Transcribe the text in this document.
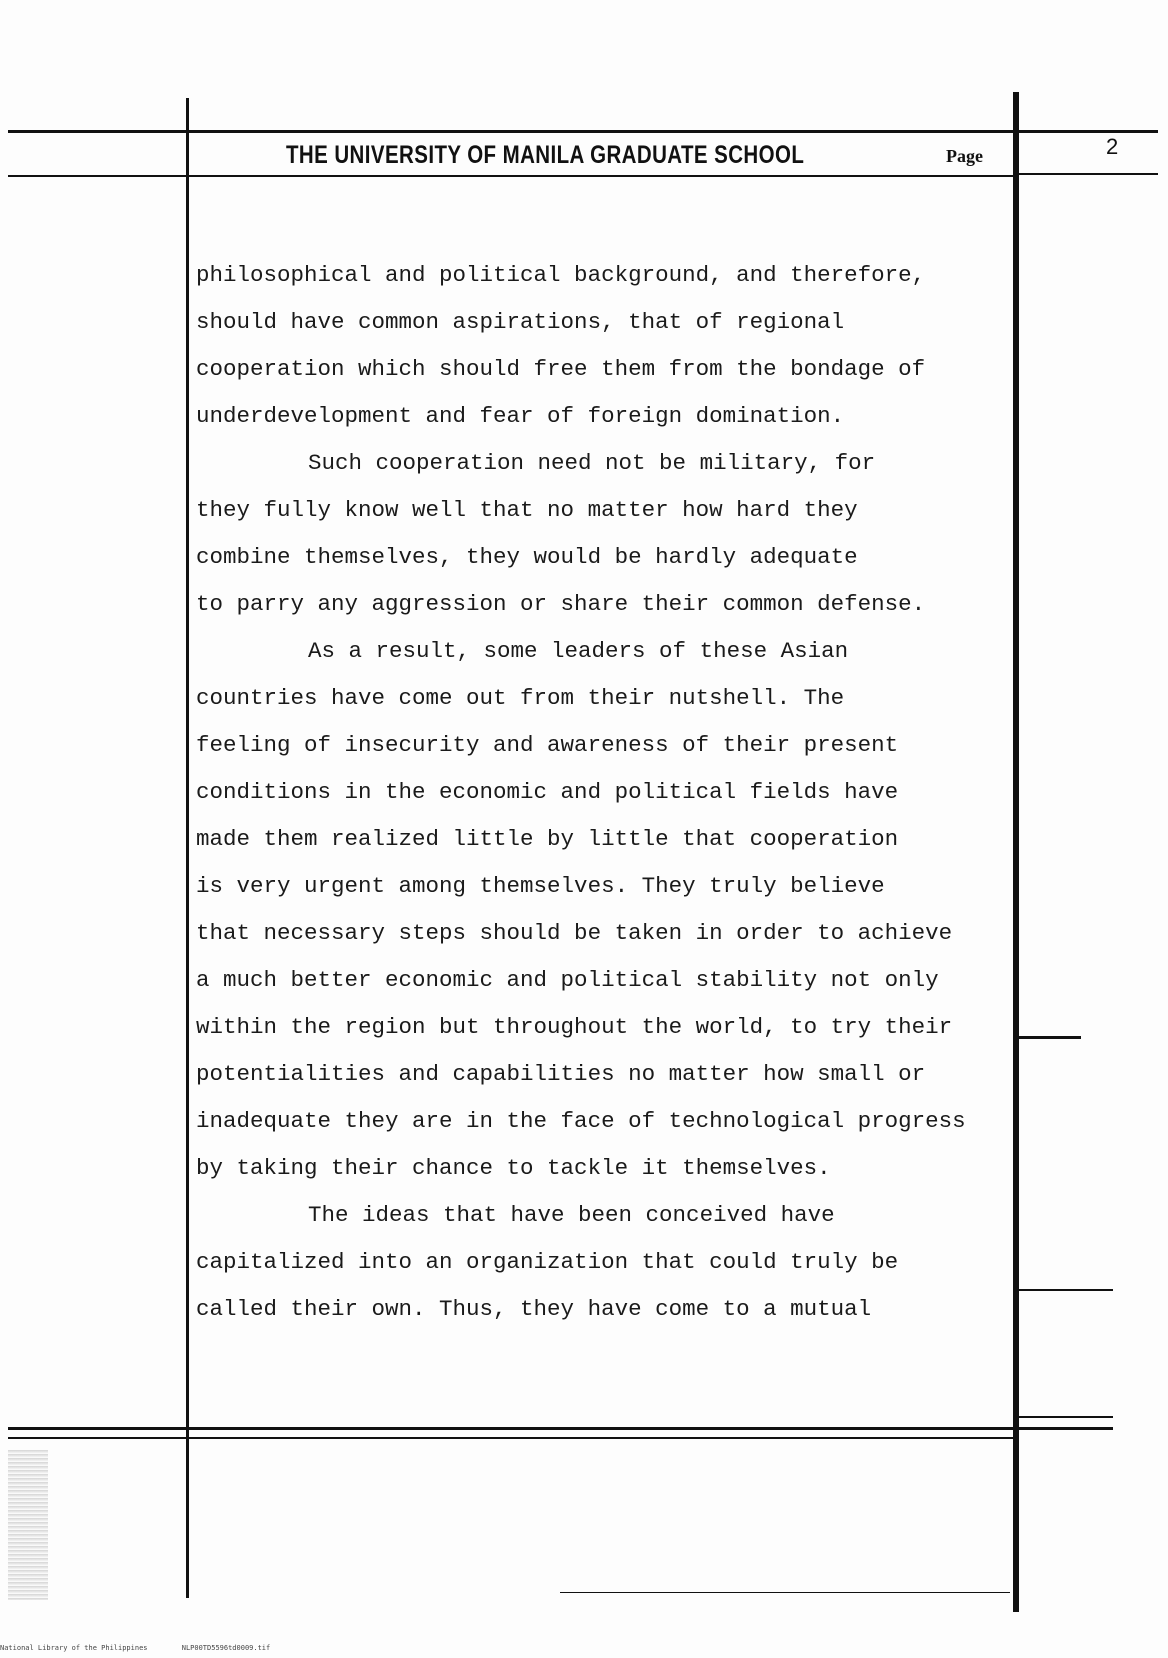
THE UNIVERSITY OF MANILA GRADUATE SCHOOL	Page	2
philosophical and political background, and therefore,
should have common aspirations, that of regional
cooperation which should free them from the bondage of
underdevelopment and fear of foreign domination.
Such cooperation need not be military, for
they fully know well that no matter how hard they
combine themselves, they would be hardly adequate
to parry any aggression or share their common defense.
As a result, some leaders of these Asian
countries have come out from their nutshell. The
feeling of insecurity and awareness of their present
conditions in the economic and political fields have
made them realized little by little that cooperation
is very urgent among themselves. They truly believe
that necessary steps should be taken in order to achieve
a much better economic and political stability not only
within the region but throughout the world, to try their
potentialities and capabilities no matter how small or
inadequate they are in the face of technological progress
by taking their chance to tackle it themselves.
The ideas that have been conceived have
capitalized into an organization that could truly be
called their own. Thus, they have come to a mutual
National Library of the Philippines	NLP00TD5596td0009.tif
